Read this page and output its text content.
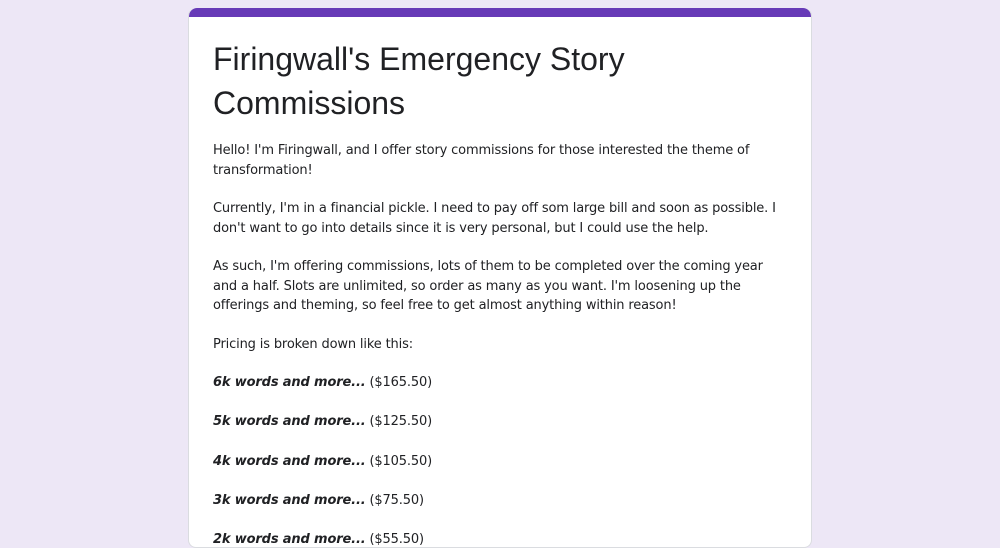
Firingwall's Emergency Story Commissions

Hello! I'm Firingwall, and I offer story commissions for those interested the theme of transformation!

Currently, I'm in a financial pickle. I need to pay off som large bill and soon as possible. I don't want to go into details since it is very personal, but I could use the help.

As such, I'm offering commissions, lots of them to be completed over the coming year and a half. Slots are unlimited, so order as many as you want. I'm loosening up the offerings and theming, so feel free to get almost anything within reason!

Pricing is broken down like this:

6k words and more... ($165.50)

5k words and more... ($125.50)

4k words and more... ($105.50)

3k words and more... ($75.50)

2k words and more... ($55.50)
